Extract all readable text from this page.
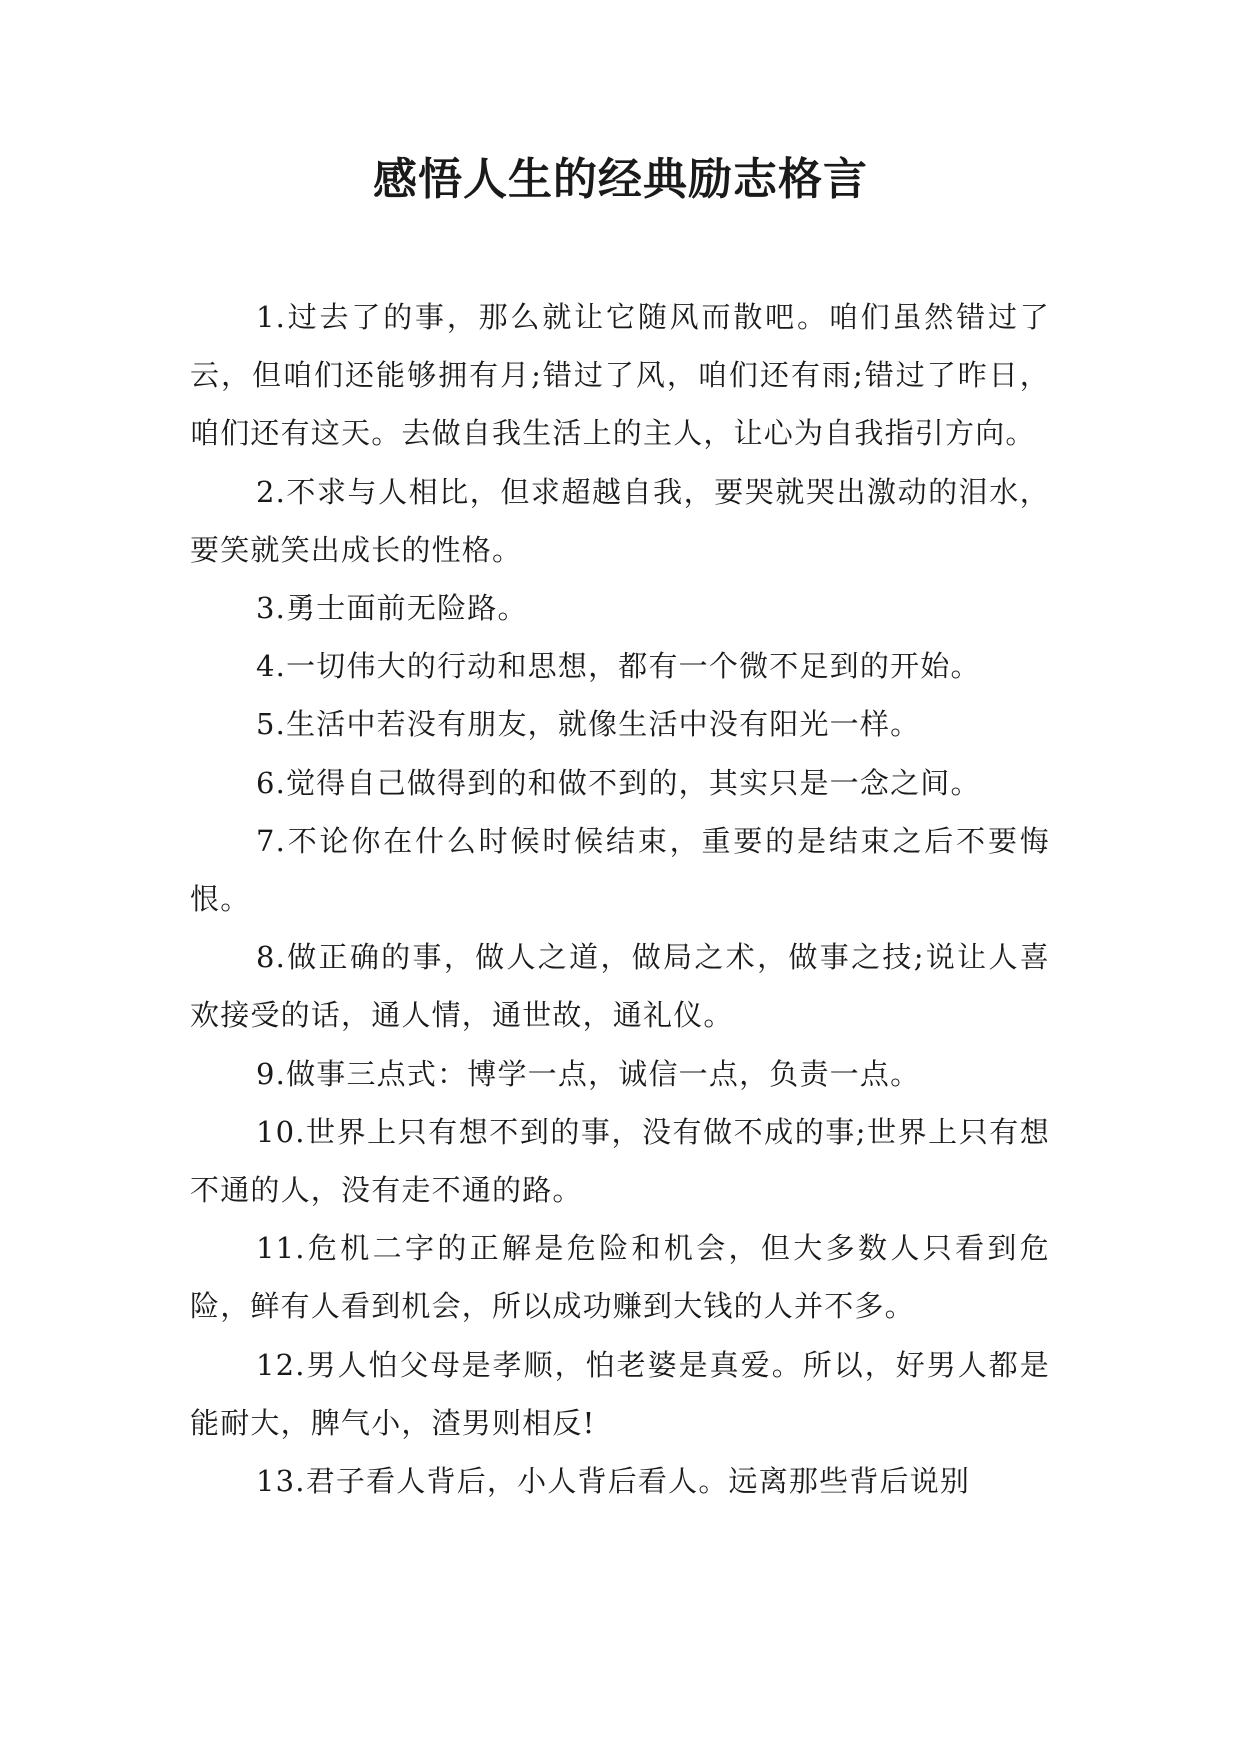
感悟人生的经典励志格言

1.过去了的事，那么就让它随风而散吧。咱们虽然错过了云，但咱们还能够拥有月;错过了风，咱们还有雨;错过了昨日，咱们还有这天。去做自我生活上的主人，让心为自我指引方向。

2.不求与人相比，但求超越自我，要哭就哭出激动的泪水，要笑就笑出成长的性格。

3.勇士面前无险路。

4.一切伟大的行动和思想，都有一个微不足到的开始。

5.生活中若没有朋友，就像生活中没有阳光一样。

6.觉得自己做得到的和做不到的，其实只是一念之间。

7.不论你在什么时候时候结束，重要的是结束之后不要悔恨。

8.做正确的事，做人之道，做局之术，做事之技;说让人喜欢接受的话，通人情，通世故，通礼仪。

9.做事三点式：博学一点，诚信一点，负责一点。

10.世界上只有想不到的事，没有做不成的事;世界上只有想不通的人，没有走不通的路。

11.危机二字的正解是危险和机会，但大多数人只看到危险，鲜有人看到机会，所以成功赚到大钱的人并不多。

12.男人怕父母是孝顺，怕老婆是真爱。所以，好男人都是能耐大，脾气小，渣男则相反!

13.君子看人背后，小人背后看人。远离那些背后说别
